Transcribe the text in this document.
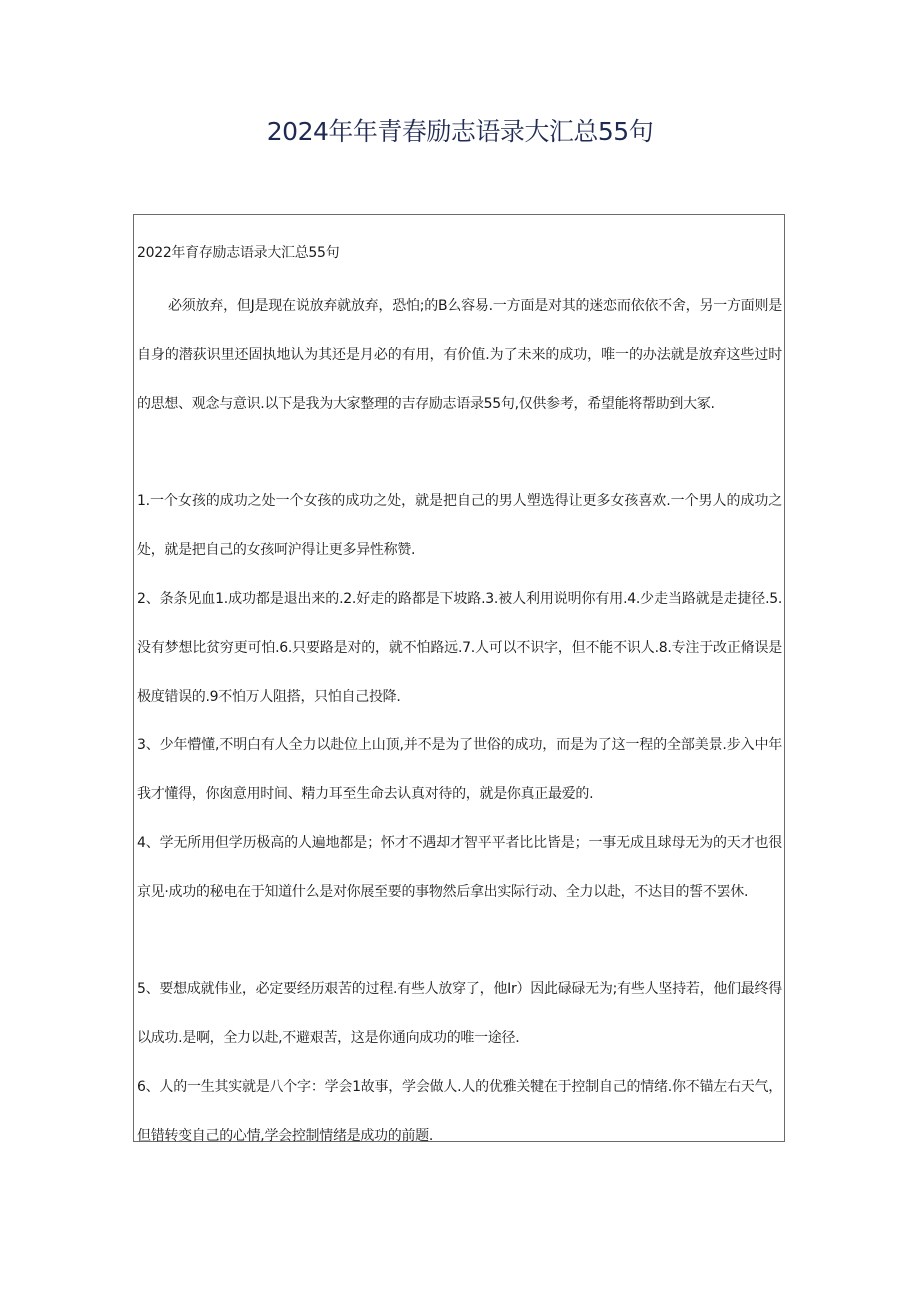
2024年年青春励志语录大汇总55句
2022年育存励志语录大汇总55句
必须放弃，但J是现在说放弃就放弃，恐怕;的B么容易.一方面是对其的迷恋而依依不舍，另一方面则是自身的潜荻识里还固执地认为其还是月必的有用，有价值.为了未来的成功，唯一的办法就是放弃这些过时的思想、观念与意识.以下是我为大家整理的吉存励志语录55句,仅供参考，希望能将帮助到大冢.
1.一个女孩的成功之处一个女孩的成功之处，就是把自己的男人塑选得让更多女孩喜欢.一个男人的成功之处，就是把自己的女孩呵沪得让更多异性称赞.
2、条条见血1.成功都是退出来的.2.好走的路都是下坡路.3.被人利用说明你有用.4.少走当路就是走捷径.5.没有梦想比贫穷更可怕.6.只要路是对的，就不怕路远.7.人可以不识字，但不能不识人.8.专注于改正脩误是极度错误的.9不怕万人阻搭，只怕自己投降.
3、少年懵懂,不明白有人全力以赴位上山顶,并不是为了世俗的成功，而是为了这一程的全部美景.步入中年我才懂得，你囱意用时间、精力耳至生命去认真对待的，就是你真正最爱的.
4、学无所用但学历极高的人遍地都是；怀才不遇却才智平平者比比皆是；一事无成且球母无为的天才也很京见·成功的秘电在于知道什么是对你展至要的事物然后拿出实际行动、全力以赴，不达目的誓不罢休.
5、要想成就伟业，必定要经历艰苦的过程.有些人放穿了，他Ir）因此碌碌无为;有些人坚持若，他们最终得以成功.是啊，全力以赴,不避艰苦，这是你通向成功的唯一途径.
6、人的一生其实就是八个字：学会1故事，学会做人.人的优雅关犍在于控制自己的情绪.你不锚左右天气，但错转变自己的心情,学会控制情绪是成功的前题.
